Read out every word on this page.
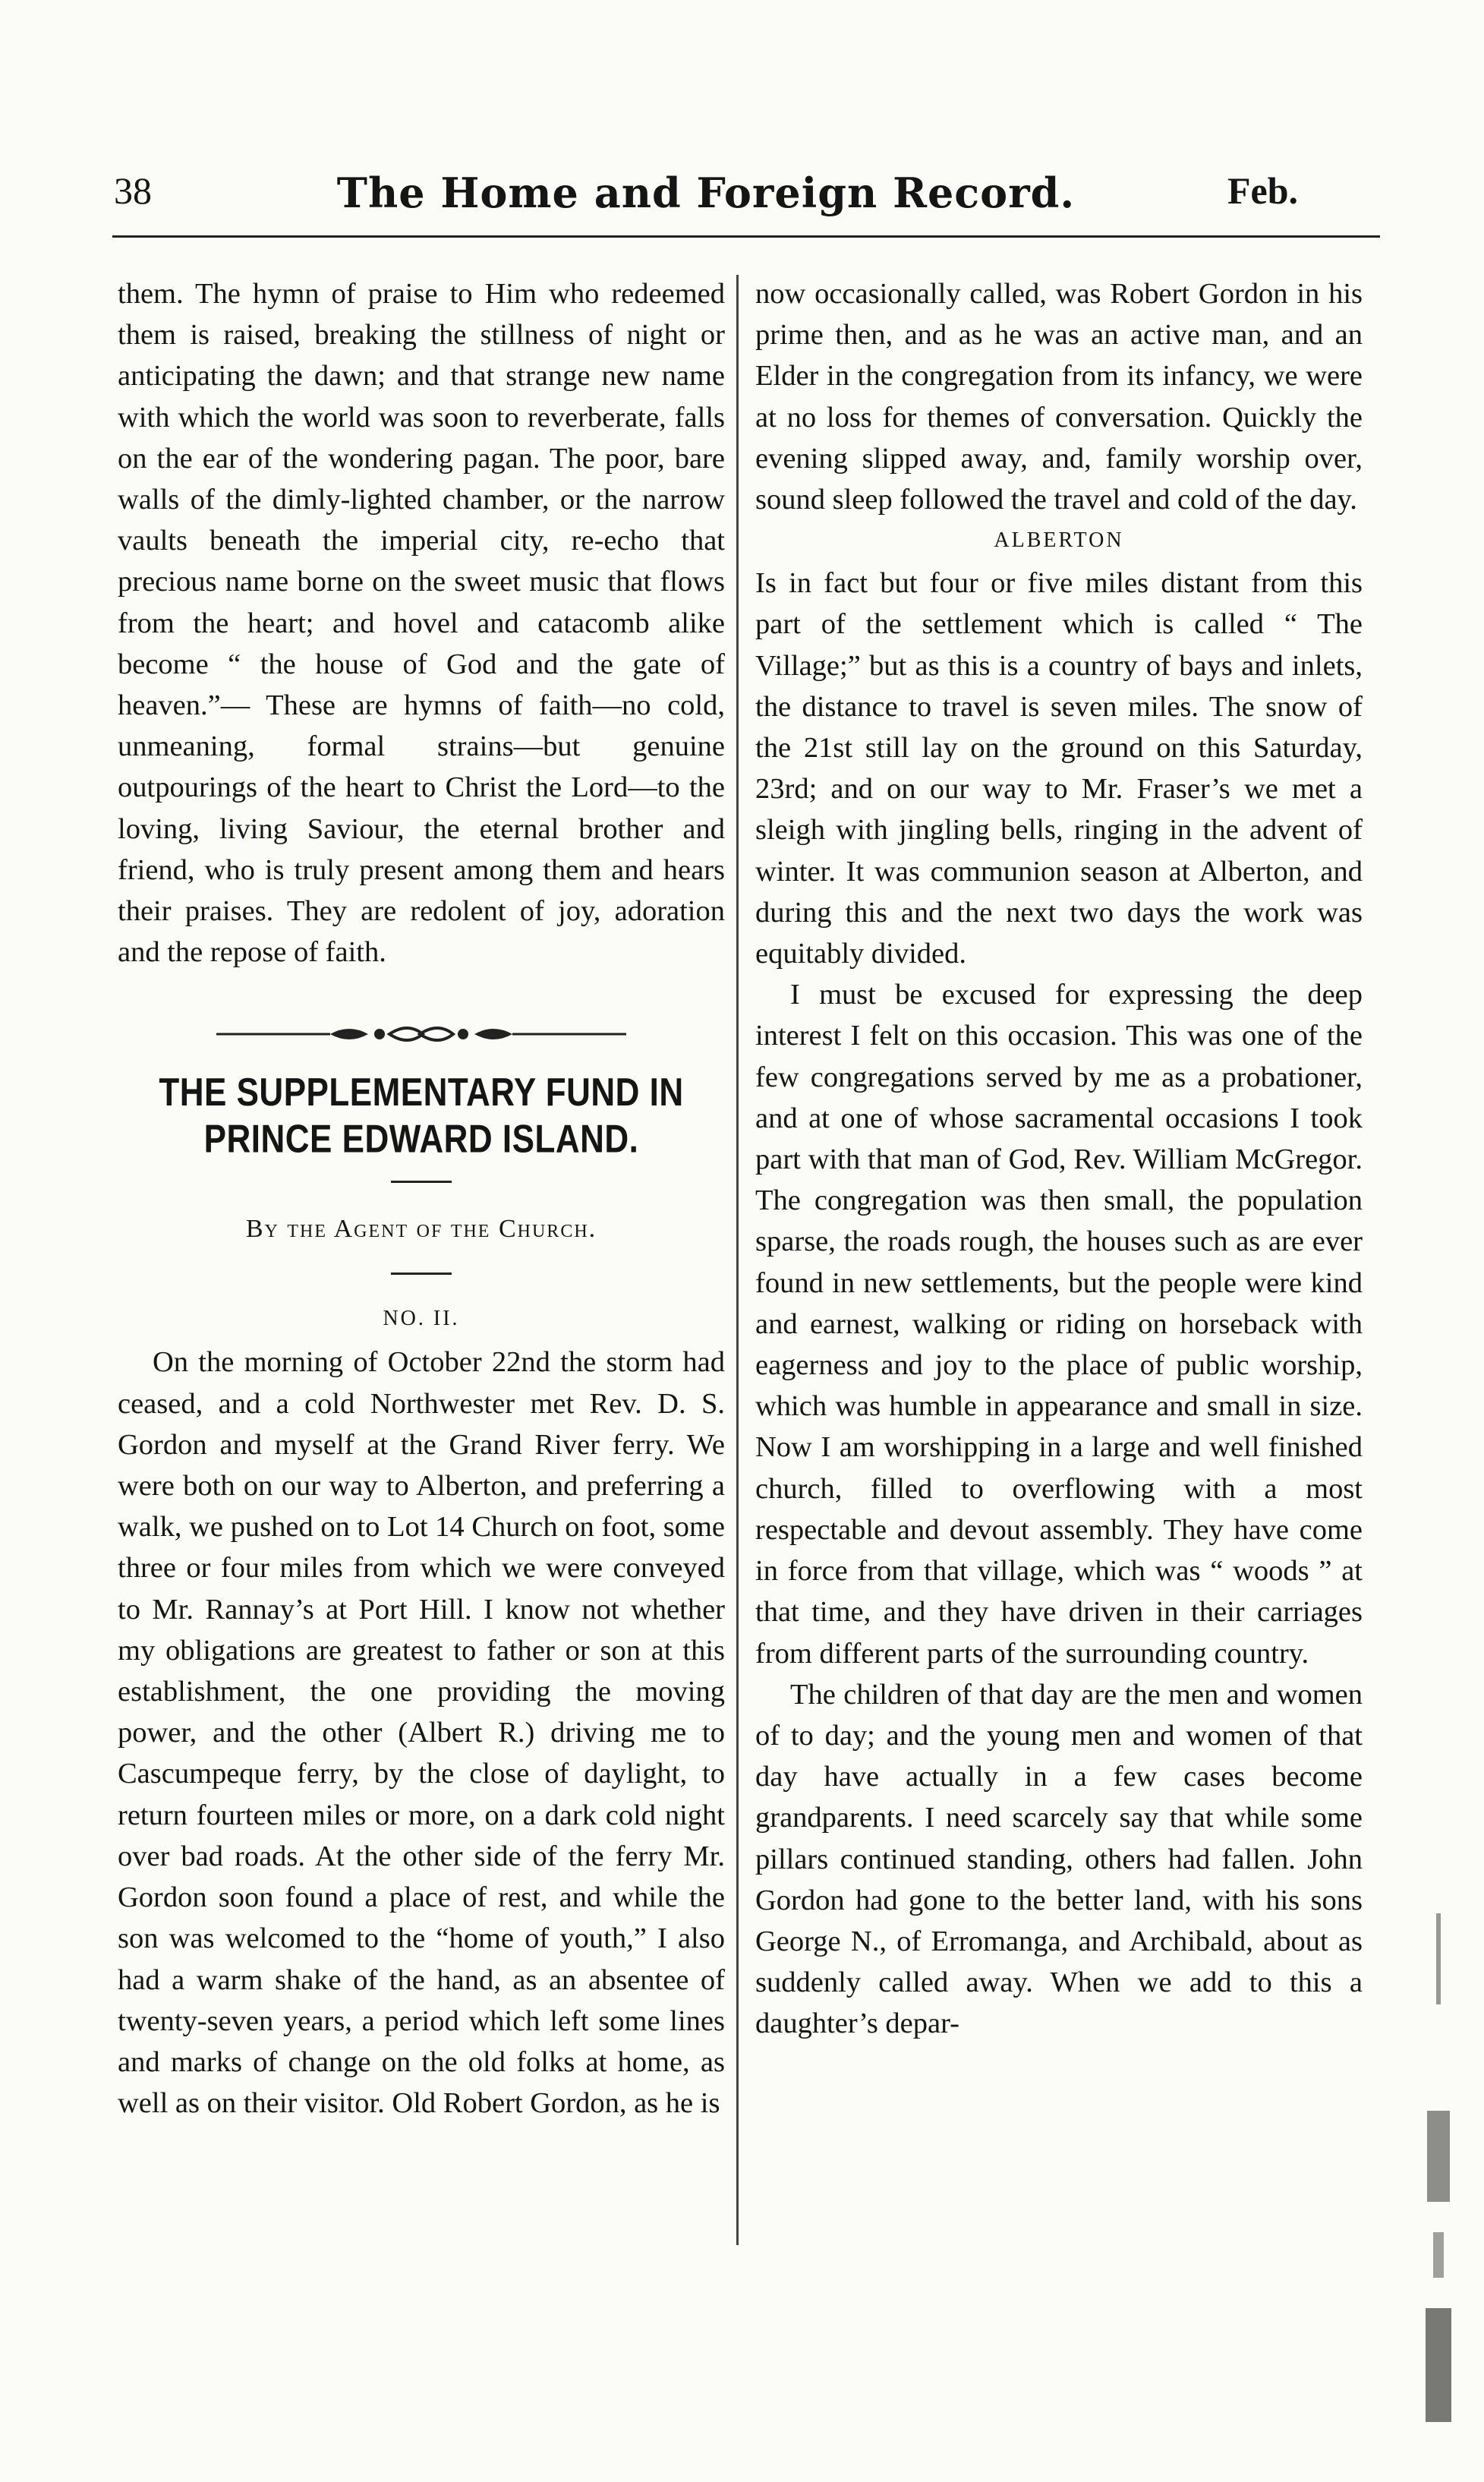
38	The Home and Foreign Record.	Feb.

them. The hymn of praise to Him who redeemed them is raised, breaking the stillness of night or anticipating the dawn; and that strange new name with which the world was soon to reverberate, falls on the ear of the wondering pagan. The poor, bare walls of the dimly-lighted chamber, or the narrow vaults beneath the imperial city, re-echo that precious name borne on the sweet music that flows from the heart; and hovel and catacomb alike become “ the house of God and the gate of heaven.”— These are hymns of faith—no cold, unmeaning, formal strains—but genuine outpourings of the heart to Christ the Lord—to the loving, living Saviour, the eternal brother and friend, who is truly present among them and hears their praises. They are redolent of joy, adoration and the repose of faith.

THE SUPPLEMENTARY FUND IN PRINCE EDWARD ISLAND.
By the Agent of the Church.
NO. II.

On the morning of October 22nd the storm had ceased, and a cold Northwester met Rev. D. S. Gordon and myself at the Grand River ferry. We were both on our way to Alberton, and preferring a walk, we pushed on to Lot 14 Church on foot, some three or four miles from which we were conveyed to Mr. Rannay’s at Port Hill. I know not whether my obligations are greatest to father or son at this establishment, the one providing the moving power, and the other (Albert R.) driving me to Cascumpeque ferry, by the close of daylight, to return fourteen miles or more, on a dark cold night over bad roads. At the other side of the ferry Mr. Gordon soon found a place of rest, and while the son was welcomed to the “home of youth,” I also had a warm shake of the hand, as an absentee of twenty-seven years, a period which left some lines and marks of change on the old folks at home, as well as on their visitor. Old Robert Gordon, as he is

now occasionally called, was Robert Gordon in his prime then, and as he was an active man, and an Elder in the congregation from its infancy, we were at no loss for themes of conversation. Quickly the evening slipped away, and, family worship over, sound sleep followed the travel and cold of the day.

ALBERTON

Is in fact but four or five miles distant from this part of the settlement which is called “ The Village;” but as this is a country of bays and inlets, the distance to travel is seven miles. The snow of the 21st still lay on the ground on this Saturday, 23rd; and on our way to Mr. Fraser’s we met a sleigh with jingling bells, ringing in the advent of winter. It was communion season at Alberton, and during this and the next two days the work was equitably divided.

I must be excused for expressing the deep interest I felt on this occasion. This was one of the few congregations served by me as a probationer, and at one of whose sacramental occasions I took part with that man of God, Rev. William McGregor. The congregation was then small, the population sparse, the roads rough, the houses such as are ever found in new settlements, but the people were kind and earnest, walking or riding on horseback with eagerness and joy to the place of public worship, which was humble in appearance and small in size. Now I am worshipping in a large and well finished church, filled to overflowing with a most respectable and devout assembly. They have come in force from that village, which was “ woods ” at that time, and they have driven in their carriages from different parts of the surrounding country.

The children of that day are the men and women of to day; and the young men and women of that day have actually in a few cases become grandparents. I need scarcely say that while some pillars continued standing, others had fallen. John Gordon had gone to the better land, with his sons George N., of Erromanga, and Archibald, about as suddenly called away. When we add to this a daughter’s depar-
